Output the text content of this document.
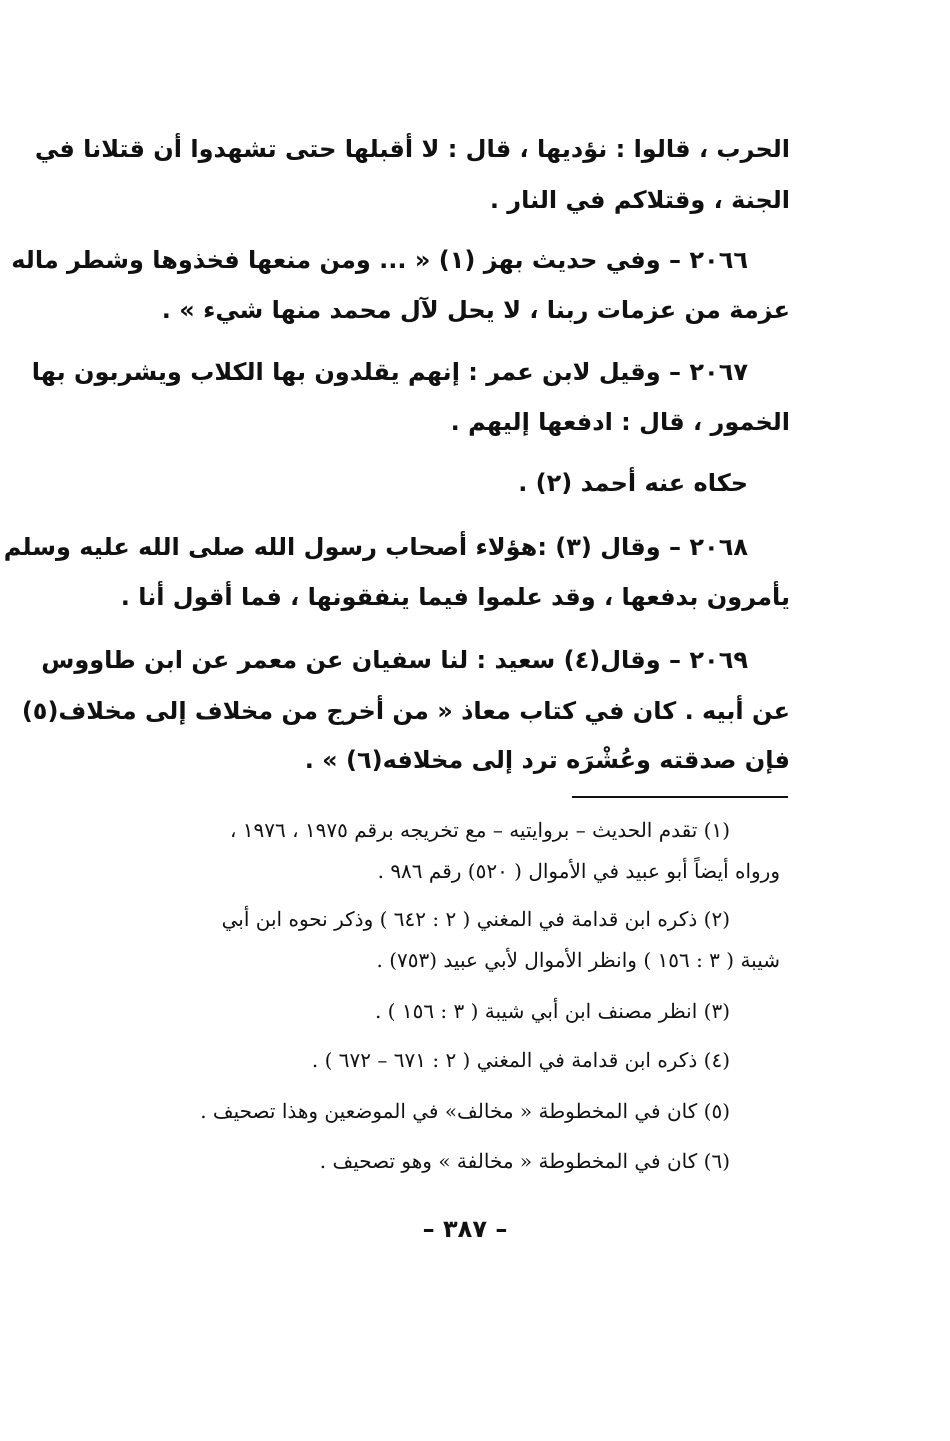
الحرب ، قالوا : نؤديها ، قال : لا أقبلها حتى تشهدوا أن قتلانا في
الجنة ، وقتلاكم في النار .
٢٠٦٦ – وفي حديث بهز (١) « ... ومن منعها فخذوها وشطر ماله
عزمة من عزمات ربنا ، لا يحل لآل محمد منها شيء » .
٢٠٦٧ – وقيل لابن عمر : إنهم يقلدون بها الكلاب ويشربون بها
الخمور ، قال : ادفعها إليهم .
حكاه عنه أحمد (٢) .
٢٠٦٨ – وقال (٣) :هؤلاء أصحاب رسول الله صلى الله عليه وسلم
يأمرون بدفعها ، وقد علموا فيما ينفقونها ، فما أقول أنا .
٢٠٦٩ – وقال(٤) سعيد : لنا سفيان عن معمر عن ابن طاووس
عن أبيه . كان في كتاب معاذ « من أخرج من مخلاف إلى مخلاف(٥)
فإن صدقته وعُشْرَه ترد إلى مخلافه(٦) » .
(١) تقدم الحديث – بروايتيه – مع تخريجه برقم ١٩٧٥ ، ١٩٧٦ ،
ورواه أيضاً أبو عبيد في الأموال ( ٥٢٠) رقم ٩٨٦ .
(٢) ذكره ابن قدامة في المغني ( ٢ : ٦٤٢ ) وذكر نحوه ابن أبي
شيبة ( ٣ : ١٥٦ ) وانظر الأموال لأبي عبيد (٧٥٣) .
(٣) انظر مصنف ابن أبي شيبة ( ٣ : ١٥٦ ) .
(٤) ذكره ابن قدامة في المغني ( ٢ : ٦٧١ – ٦٧٢ ) .
(٥) كان في المخطوطة « مخالف» في الموضعين وهذا تصحيف .
(٦) كان في المخطوطة « مخالفة » وهو تصحيف .
– ٣٨٧ –
